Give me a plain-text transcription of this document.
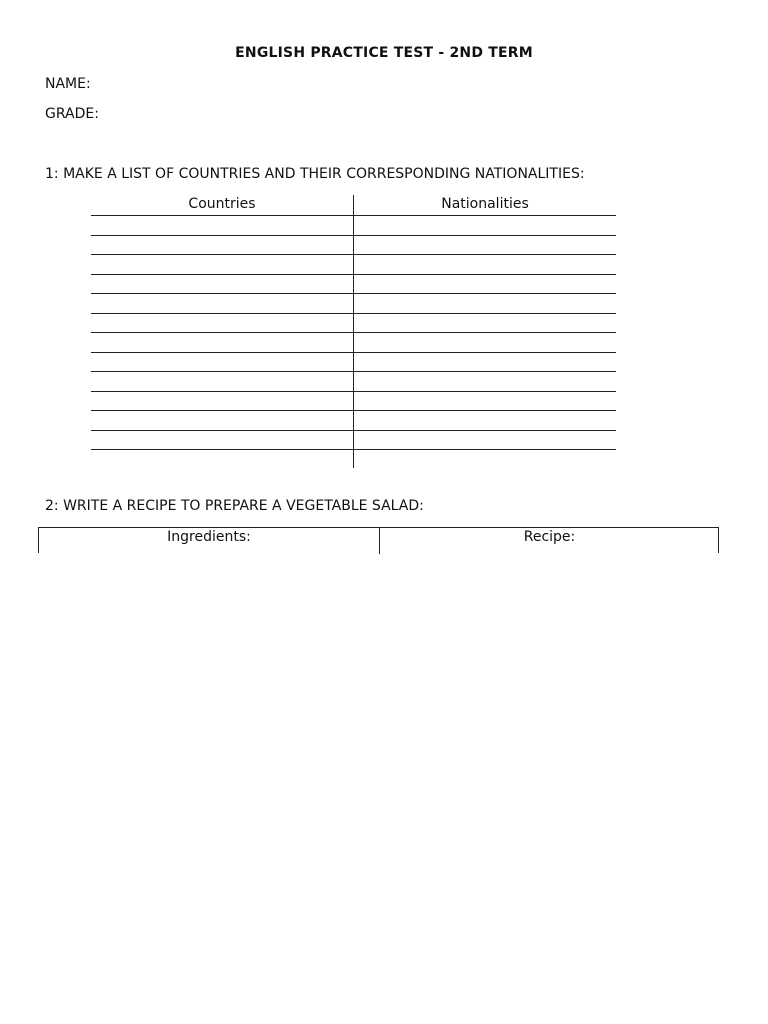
ENGLISH PRACTICE TEST - 2ND TERM
NAME:
GRADE:
1: MAKE A LIST OF COUNTRIES AND THEIR CORRESPONDING NATIONALITIES:
Countries	Nationalities
2: WRITE A RECIPE TO PREPARE A VEGETABLE SALAD:
Ingredients:	Recipe:
